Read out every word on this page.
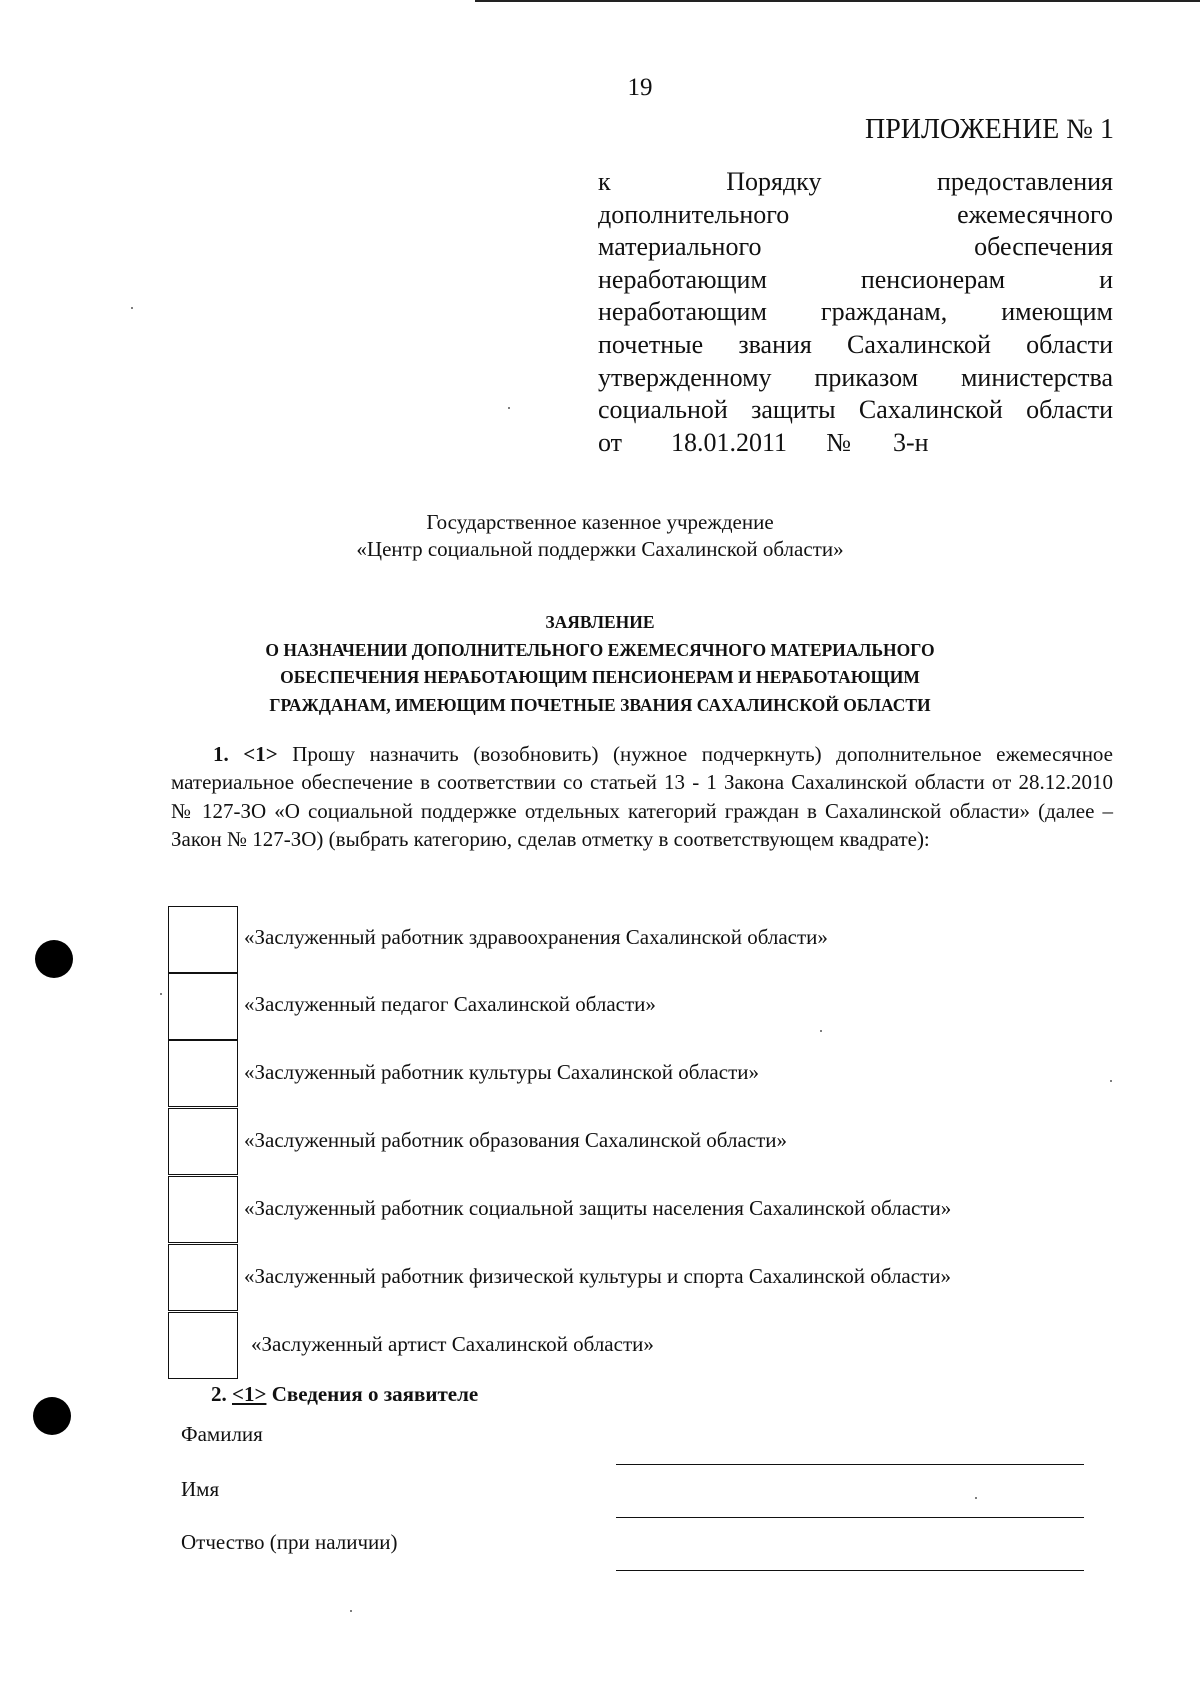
19
ПРИЛОЖЕНИЕ № 1
к Порядку предоставления
дополнительного ежемесячного
материального обеспечения
неработающим пенсионерам и
неработающим гражданам, имеющим
почетные звания Сахалинской области
утвержденному приказом министерства
социальной защиты Сахалинской области
от	18.01.2011	№ 3-н
Государственное казенное учреждение
«Центр социальной поддержки Сахалинской области»
ЗАЯВЛЕНИЕ
О НАЗНАЧЕНИИ ДОПОЛНИТЕЛЬНОГО ЕЖЕМЕСЯЧНОГО МАТЕРИАЛЬНОГО
ОБЕСПЕЧЕНИЯ НЕРАБОТАЮЩИМ ПЕНСИОНЕРАМ И НЕРАБОТАЮЩИМ
ГРАЖДАНАМ, ИМЕЮЩИМ ПОЧЕТНЫЕ ЗВАНИЯ САХАЛИНСКОЙ ОБЛАСТИ
1. <1> Прошу назначить (возобновить) (нужное подчеркнуть) дополнительное ежемесячное материальное обеспечение в соответствии со статьей 13 - 1 Закона Сахалинской области от 28.12.2010 № 127-ЗО «О социальной поддержке отдельных категорий граждан в Сахалинской области» (далее – Закон № 127-ЗО) (выбрать категорию, сделав отметку в соответствующем квадрате):
«Заслуженный работник здравоохранения Сахалинской области»
«Заслуженный педагог Сахалинской области»
«Заслуженный работник культуры Сахалинской области»
«Заслуженный работник образования Сахалинской области»
«Заслуженный работник социальной защиты населения Сахалинской области»
«Заслуженный работник физической культуры и спорта Сахалинской области»
«Заслуженный артист Сахалинской области»
2. <1> Сведения о заявителе
Фамилия
Имя
Отчество (при наличии)
